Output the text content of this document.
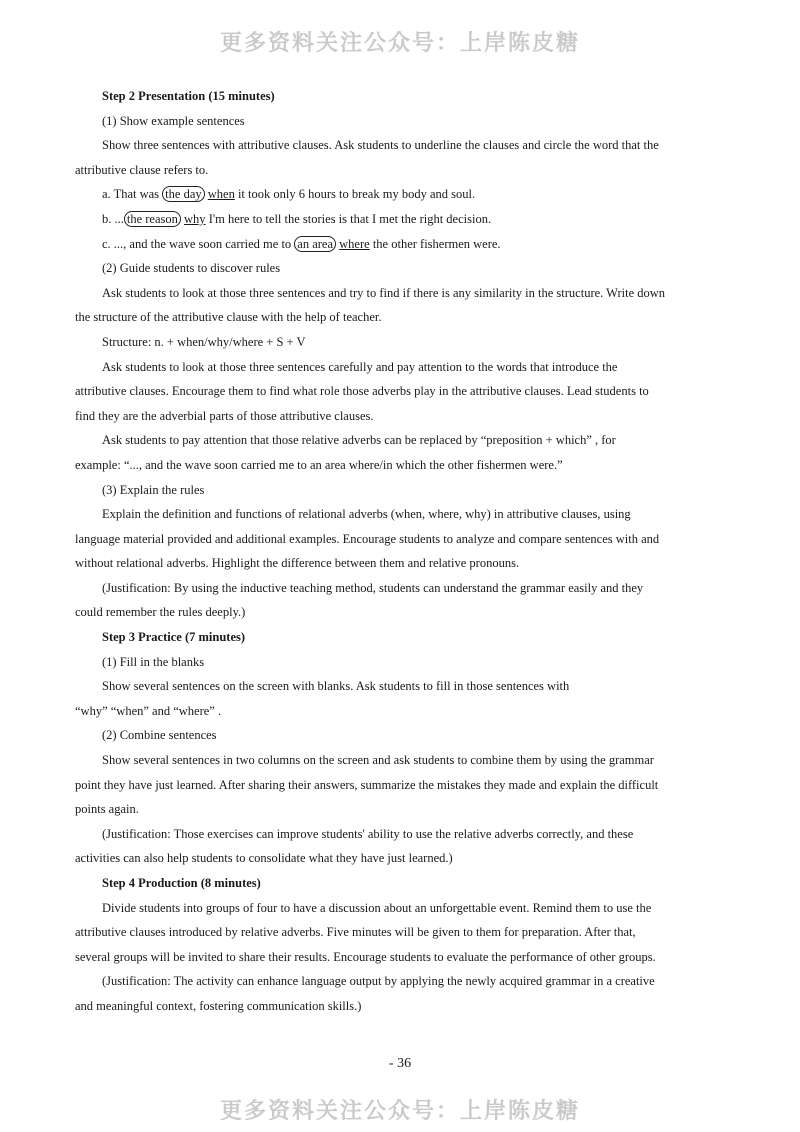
更多资料关注公众号：上岸陈皮糖
Step 2 Presentation (15 minutes)
(1) Show example sentences
Show three sentences with attributive clauses. Ask students to underline the clauses and circle the word that the
attributive clause refers to.
a. That was the day when it took only 6 hours to break my body and soul.
b. ... the reason why I'm here to tell the stories is that I met the right decision.
c. ..., and the wave soon carried me to an area where the other fishermen were.
(2) Guide students to discover rules
Ask students to look at those three sentences and try to find if there is any similarity in the structure. Write down
the structure of the attributive clause with the help of teacher.
Structure: n. + when/why/where + S + V
Ask students to look at those three sentences carefully and pay attention to the words that introduce the
attributive clauses. Encourage them to find what role those adverbs play in the attributive clauses. Lead students to
find they are the adverbial parts of those attributive clauses.
Ask students to pay attention that those relative adverbs can be replaced by “preposition + which” , for
example: “..., and the wave soon carried me to an area where/in which the other fishermen were.”
(3) Explain the rules
Explain the definition and functions of relational adverbs (when, where, why) in attributive clauses, using
language material provided and additional examples. Encourage students to analyze and compare sentences with and
without relational adverbs. Highlight the difference between them and relative pronouns.
(Justification: By using the inductive teaching method, students can understand the grammar easily and they
could remember the rules deeply.)
Step 3 Practice (7 minutes)
(1) Fill in the blanks
Show several sentences on the screen with blanks. Ask students to fill in those sentences with
“why” “when” and “where” .
(2) Combine sentences
Show several sentences in two columns on the screen and ask students to combine them by using the grammar
point they have just learned. After sharing their answers, summarize the mistakes they made and explain the difficult
points again.
(Justification: Those exercises can improve students' ability to use the relative adverbs correctly, and these
activities can also help students to consolidate what they have just learned.)
Step 4 Production (8 minutes)
Divide students into groups of four to have a discussion about an unforgettable event. Remind them to use the
attributive clauses introduced by relative adverbs. Five minutes will be given to them for preparation. After that,
several groups will be invited to share their results. Encourage students to evaluate the performance of other groups.
(Justification: The activity can enhance language output by applying the newly acquired grammar in a creative
and meaningful context, fostering communication skills.)
- 36
更多资料关注公众号：上岸陈皮糖
